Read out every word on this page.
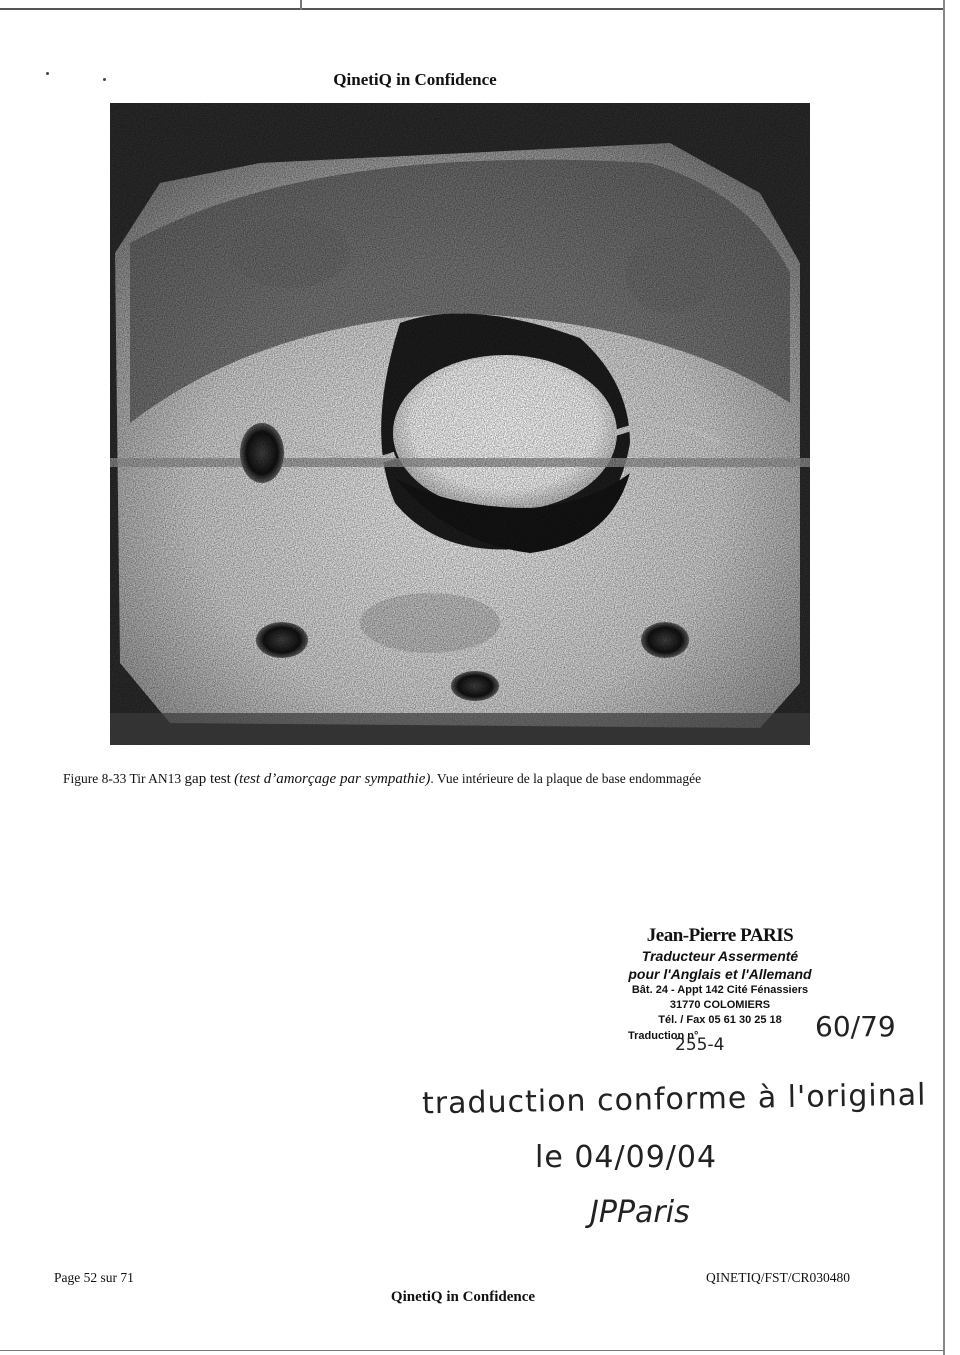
QinetiQ in Confidence
Figure 8-33 Tir AN13 gap test (test d’amorçage par sympathie). Vue intérieure de la plaque de base endommagée
Jean-Pierre PARIS
Traducteur Assermenté
pour l'Anglais et l'Allemand
Bât. 24 - Appt 142 Cité Fénassiers
31770 COLOMIERS
Tél. / Fax 05 61 30 25 18
Traduction n°
255-4
60/79
traduction conforme à l'original
le 04/09/04
JPParis
Page 52 sur 71	QINETIQ/FST/CR030480
QinetiQ in Confidence
